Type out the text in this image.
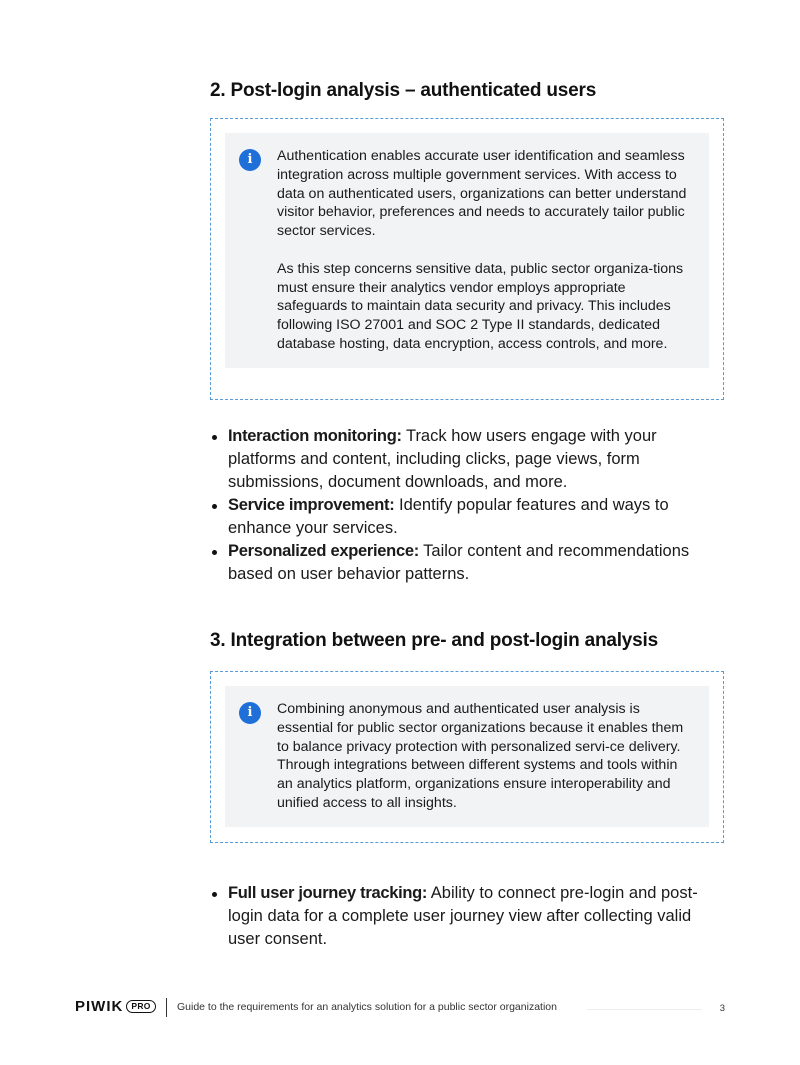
2. Post-login analysis – authenticated users
i	Authentication enables accurate user identification and seamless integration across multiple government services. With access to data on authenticated users, organizations can better understand visitor behavior, preferences and needs to accurately tailor public sector services.

As this step concerns sensitive data, public sector organiza-tions must ensure their analytics vendor employs appropriate safeguards to maintain data security and privacy. This includes following ISO 27001 and SOC 2 Type II standards, dedicated database hosting, data encryption, access controls, and more.

Interaction monitoring: Track how users engage with your platforms and content, including clicks, page views, form submissions, document downloads, and more.
Service improvement: Identify popular features and ways to enhance your services.
Personalized experience: Tailor content and recommendations based on user behavior patterns.
3. Integration between pre- and post-login analysis
i	Combining anonymous and authenticated user analysis is essential for public sector organizations because it enables them to balance privacy protection with personalized servi-ce delivery. Through integrations between different systems and tools within an analytics platform, organizations ensure interoperability and unified access to all insights.

Full user journey tracking: Ability to connect pre-login and post-login data for a complete user journey view after collecting valid user consent.
PIWIK PRO	Guide to the requirements for an analytics solution for a public sector organization	3
